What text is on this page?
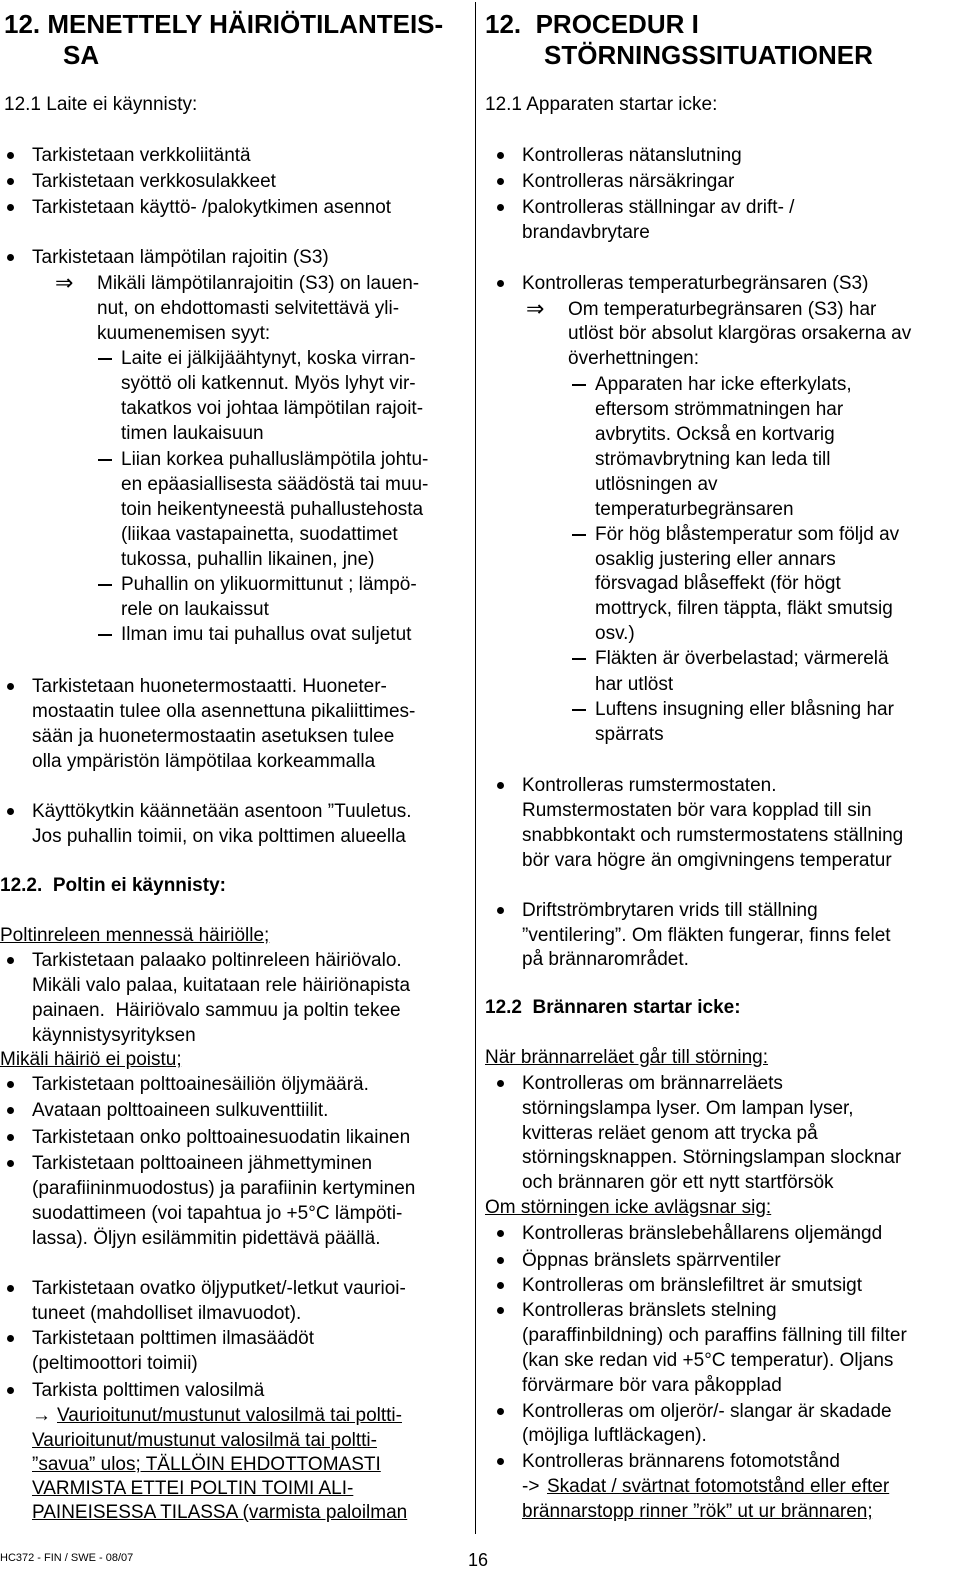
12. MENETTELY HÄIRIÖTILANTEIS-
SA
12.1 Laite ei käynnisty:
Tarkistetaan verkkoliitäntä
Tarkistetaan verkkosulakkeet
Tarkistetaan käyttö- /palokytkimen asennot
Tarkistetaan lämpötilan rajoitin (S3)
⇒ Mikäli lämpötilanrajoitin (S3) on lauen-
nut, on ehdottomasti selvitettävä yli-
kuumenemisen syyt:
Laite ei jälkijäähtynyt, koska virran-
syöttö oli katkennut. Myös lyhyt vir-
takatkos voi johtaa lämpötilan rajoit-
timen laukaisuun
Liian korkea puhalluslämpötila johtu-
en epäasiallisesta säädöstä tai muu-
toin heikentyneestä puhallustehosta
(liikaa vastapainetta, suodattimet
tukossa, puhallin likainen, jne)
Puhallin on ylikuormittunut ; lämpö-
rele on laukaissut
Ilman imu tai puhallus ovat suljetut
Tarkistetaan huonetermostaatti. Huoneter-
mostaatin tulee olla asennettuna pikaliittimes-
sään ja huonetermostaatin asetuksen tulee
olla ympäristön lämpötilaa korkeammalla
Käyttökytkin käännetään asentoon ”Tuuletus.
Jos puhallin toimii, on vika polttimen alueella
12.2.  Poltin ei käynnisty:
Poltinreleen mennessä häiriölle;
Tarkistetaan palaako poltinreleen häiriövalo.
Mikäli valo palaa, kuitataan rele häiriönapista
painaen.  Häiriövalo sammuu ja poltin tekee
käynnistysyrityksen
Mikäli häiriö ei poistu;
Tarkistetaan polttoainesäiliön öljymäärä.
Avataan polttoaineen sulkuventtiilit.
Tarkistetaan onko polttoainesuodatin likainen
Tarkistetaan polttoaineen jähmettyminen
(parafiininmuodostus) ja parafiinin kertyminen
suodattimeen (voi tapahtua jo +5°C lämpöti-
lassa). Öljyn esilämmitin pidettävä päällä.
Tarkistetaan ovatko öljyputket/-letkut vaurioi-
tuneet (mahdolliset ilmavuodot).
Tarkistetaan polttimen ilmasäädöt
(peltimoottori toimii)
Tarkista polttimen valosilmä
→ Vaurioitunut/mustunut valosilmä tai poltti-
Vaurioitunut/mustunut valosilmä tai poltti-
”savua” ulos; TÄLLÖIN EHDOTTOMASTI
VARMISTA ETTEI POLTIN TOIMI ALI-
PAINEISESSA TILASSA (varmista paloilman
12.  PROCEDUR I
STÖRNINGSSITUATIONER
12.1 Apparaten startar icke:
Kontrolleras nätanslutning
Kontrolleras närsäkringar
Kontrolleras ställningar av drift- /
brandavbrytare
Kontrolleras temperaturbegränsaren (S3)
⇒ Om temperaturbegränsaren (S3) har
utlöst bör absolut klargöras orsakerna av
överhettningen:
Apparaten har icke efterkylats,
eftersom strömmatningen har
avbrytits. Också en kortvarig
strömavbrytning kan leda till
utlösningen av
temperaturbegränsaren
För hög blåstemperatur som följd av
osaklig justering eller annars
försvagad blåseffekt (för högt
mottryck, filren täppta, fläkt smutsig
osv.)
Fläkten är överbelastad; värmerelä
har utlöst
Luftens insugning eller blåsning har
spärrats
Kontrolleras rumstermostaten.
Rumstermostaten bör vara kopplad till sin
snabbkontakt och rumstermostatens ställning
bör vara högre än omgivningens temperatur
Driftströmbrytaren vrids till ställning
”ventilering”. Om fläkten fungerar, finns felet
på brännarområdet.
12.2  Brännaren startar icke:
När brännarreläet går till störning:
Kontrolleras om brännarreläets
störningslampa lyser. Om lampan lyser,
kvitteras reläet genom att trycka på
störningsknappen. Störningslampan slocknar
och brännaren gör ett nytt startförsök
Om störningen icke avlägsnar sig:
Kontrolleras bränslebehållarens oljemängd
Öppnas bränslets spärrventiler
Kontrolleras om bränslefiltret är smutsigt
Kontrolleras bränslets stelning
(paraffinbildning) och paraffins fällning till filter
(kan ske redan vid +5°C temperatur). Oljans
förvärmare bör vara påkopplad
Kontrolleras om oljerör/- slangar är skadade
(möjliga luftläckagen).
Kontrolleras brännarens fotomotstånd
-> Skadat / svärtnat fotomotstånd eller efter
brännarstopp rinner ”rök” ut ur brännaren;
HC372 - FIN / SWE - 08/07	16
